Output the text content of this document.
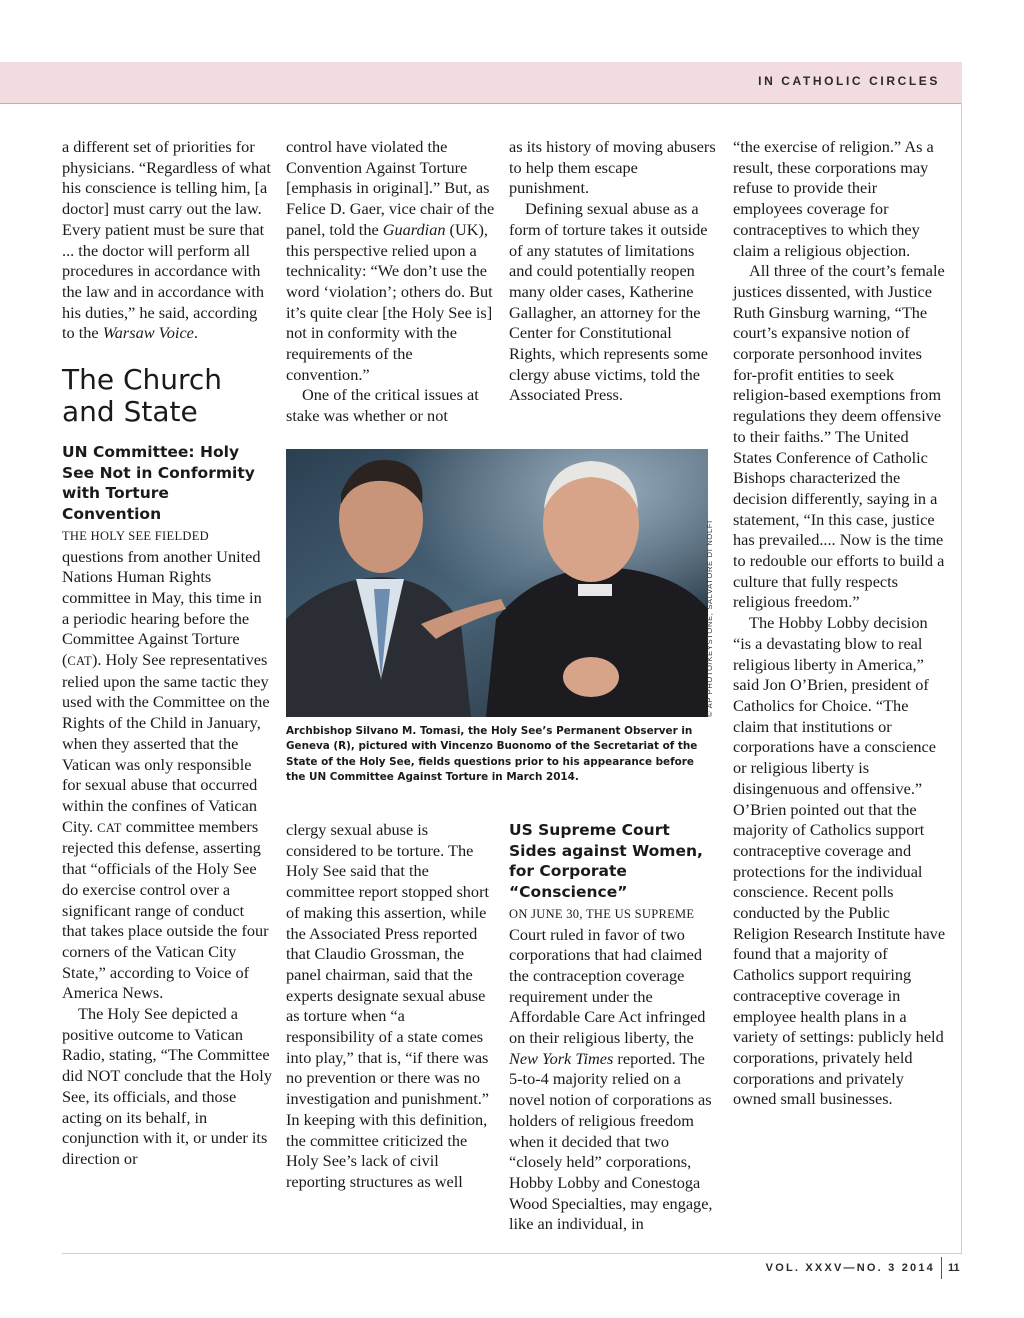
IN CATHOLIC CIRCLES

a different set of priorities for physicians. “Regardless of what his conscience is telling him, [a doctor] must carry out the law. Every patient must be sure that ... the doctor will perform all procedures in accordance with the law and in accordance with his duties,” he said, according to the Warsaw Voice.

The Church and State
UN Committee: Holy See Not in Conformity with Torture Convention

THE HOLY SEE FIELDED questions from another United Nations Human Rights committee in May, this time in a periodic hearing before the Committee Against Torture (CAT). Holy See representatives relied upon the same tactic they used with the Committee on the Rights of the Child in January, when they asserted that the Vatican was only responsible for sexual abuse that occurred within the confines of Vatican City. CAT committee members rejected this defense, asserting that “officials of the Holy See do exercise control over a significant range of conduct that takes place outside the four corners of the Vatican City State,” according to Voice of America News.

The Holy See depicted a positive outcome to Vatican Radio, stating, “The Committee did NOT conclude that the Holy See, its officials, and those acting on its behalf, in conjunction with it, or under its direction or

control have violated the Convention Against Torture [emphasis in original].” But, as Felice D. Gaer, vice chair of the panel, told the Guardian (UK), this perspective relied upon a technicality: “We don’t use the word ‘violation’; others do. But it’s quite clear [the Holy See is] not in conformity with the requirements of the convention.”

One of the critical issues at stake was whether or not

as its history of moving abusers to help them escape punishment.

Defining sexual abuse as a form of torture takes it outside of any statutes of limitations and could potentially reopen many older cases, Katherine Gallagher, an attorney for the Center for Constitutional Rights, which represents some clergy abuse victims, told the Associated Press.

© AP PHOTO/KEYSTONE, SALVATORE DI NOLFI
Archbishop Silvano M. Tomasi, the Holy See’s Permanent Observer in Geneva (R), pictured with Vincenzo Buonomo of the Secretariat of the State of the Holy See, fields questions prior to his appearance before the UN Committee Against Torture in March 2014.

clergy sexual abuse is considered to be torture. The Holy See said that the committee report stopped short of making this assertion, while the Associated Press reported that Claudio Grossman, the panel chairman, said that the experts designate sexual abuse as torture when “a responsibility of a state comes into play,” that is, “if there was no prevention or there was no investigation and punishment.” In keeping with this definition, the committee criticized the Holy See’s lack of civil reporting structures as well

US Supreme Court Sides against Women, for Corporate “Conscience”

ON JUNE 30, THE US SUPREME Court ruled in favor of two corporations that had claimed the contraception coverage requirement under the Affordable Care Act infringed on their religious liberty, the New York Times reported. The 5-to-4 majority relied on a novel notion of corporations as holders of religious freedom when it decided that two “closely held” corporations, Hobby Lobby and Conestoga Wood Specialties, may engage, like an individual, in

“the exercise of religion.” As a result, these corporations may refuse to provide their employees coverage for contraceptives to which they claim a religious objection.

All three of the court’s female justices dissented, with Justice Ruth Ginsburg warning, “The court’s expansive notion of corporate personhood invites for-profit entities to seek religion-based exemptions from regulations they deem offensive to their faiths.” The United States Conference of Catholic Bishops characterized the decision differently, saying in a statement, “In this case, justice has prevailed.... Now is the time to redouble our efforts to build a culture that fully respects religious freedom.”

The Hobby Lobby decision “is a devastating blow to real religious liberty in America,” said Jon O’Brien, president of Catholics for Choice. “The claim that institutions or corporations have a conscience or religious liberty is disingenuous and offensive.” O’Brien pointed out that the majority of Catholics support contraceptive coverage and protections for the individual conscience. Recent polls conducted by the Public Religion Research Institute have found that a majority of Catholics support requiring contraceptive coverage in employee health plans in a variety of settings: publicly held corporations, privately held corporations and privately owned small businesses.

VOL. XXXV—NO. 3 2014 11
